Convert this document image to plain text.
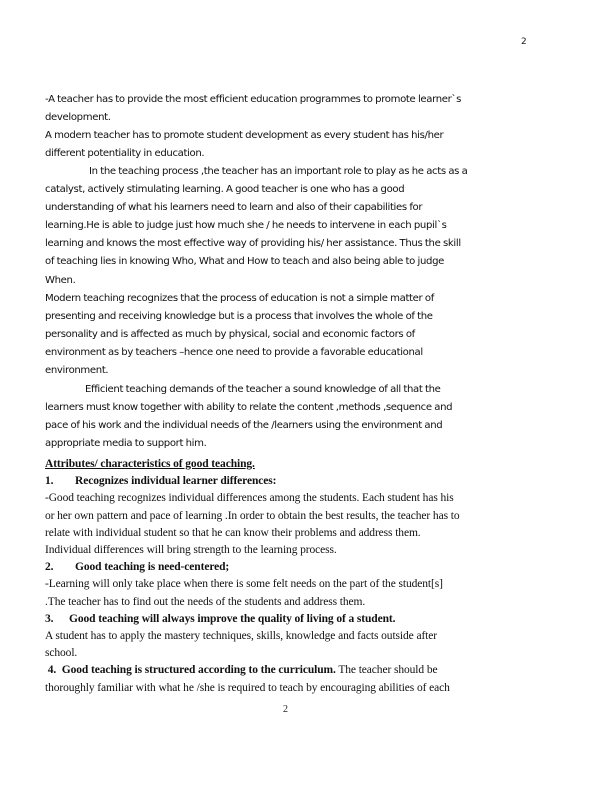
2
-A teacher has to provide the most efficient education programmes to promote learner`s
development.
A modern teacher has to promote student development as every student has his/her
different potentiality in education.
In the teaching process ,the teacher has an important role to play as he acts as a
catalyst, actively stimulating learning. A good teacher is one who has a good
understanding of what his learners need to learn and also of their capabilities for
learning.He is able to judge just how much she / he needs to intervene in each pupil`s
learning and knows the most effective way of providing his/ her assistance. Thus the skill
of teaching lies in knowing Who, What and How to teach and also being able to judge
When.
Modern teaching recognizes that the process of education is not a simple matter of
presenting and receiving knowledge but is a process that involves the whole of the
personality and is affected as much by physical, social and economic factors of
environment as by teachers –hence one need to provide a favorable educational
environment.
Efficient teaching demands of the teacher a sound knowledge of all that the
learners must know together with ability to relate the content ,methods ,sequence and
pace of his work and the individual needs of the /learners using the environment and
appropriate media to support him.
Attributes/ characteristics of good teaching.
1. Recognizes individual learner differences:
-Good teaching recognizes individual differences among the students. Each student has his
or her own pattern and pace of learning .In order to obtain the best results, the teacher has to
relate with individual student so that he can know their problems and address them.
Individual differences will bring strength to the learning process.
2. Good teaching is need-centered;
-Learning will only take place when there is some felt needs on the part of the student[s]
.The teacher has to find out the needs of the students and address them.
3. Good teaching will always improve the quality of living of a student.
A student has to apply the mastery techniques, skills, knowledge and facts outside after
school.
4. Good teaching is structured according to the curriculum. The teacher should be
thoroughly familiar with what he /she is required to teach by encouraging abilities of each
2
